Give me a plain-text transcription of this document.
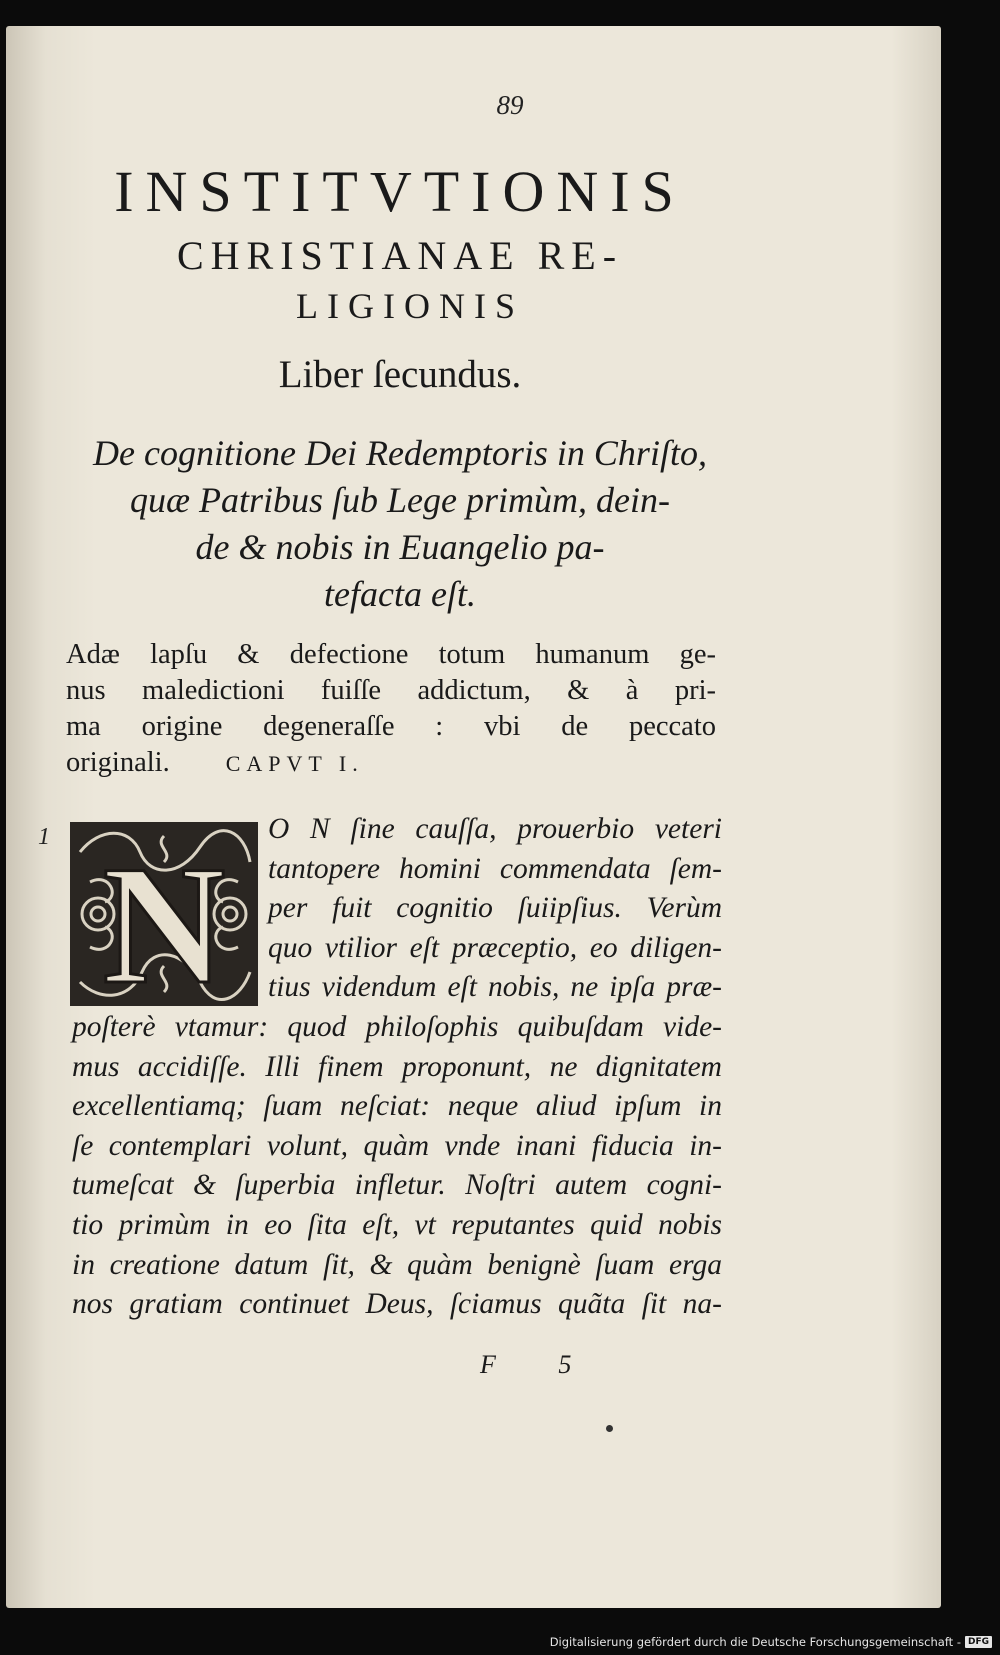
89
INSTITVTIONIS
CHRISTIANAE RE-
LIGIONIS
Liber ſecundus.
De cognitione Dei Redemptoris in Chriſto,
quæ Patribus ſub Lege primùm, dein-
de & nobis in Euangelio pa-
tefacta eſt.
Adæ lapſu & defectione totum humanum ge-
nus maledictioni fuiſſe addictum, & à pri-
ma origine degeneraſſe : vbi de peccato
originali.	CAPVT I.
1 N
O N ſine cauſſa, prouerbio veteri
tantopere homini commendata ſem-
per fuit cognitio ſuiipſius. Verùm
quo vtilior eſt præceptio, eo diligen-
tius videndum eſt nobis, ne ipſa præ-
poſterè vtamur: quod philoſophis quibuſdam vide-
mus accidiſſe. Illi finem proponunt, ne dignitatem
excellentiamq; ſuam neſciat: neque aliud ipſum in
ſe contemplari volunt, quàm vnde inani fiducia in-
tumeſcat & ſuperbia infletur. Noſtri autem cogni-
tio primùm in eo ſita eſt, vt reputantes quid nobis
in creatione datum ſit, & quàm benignè ſuam erga
nos gratiam continuet Deus, ſciamus quãta ſit na-
F 5
Digitalisierung gefördert durch die Deutsche Forschungsgemeinschaft - DFG
